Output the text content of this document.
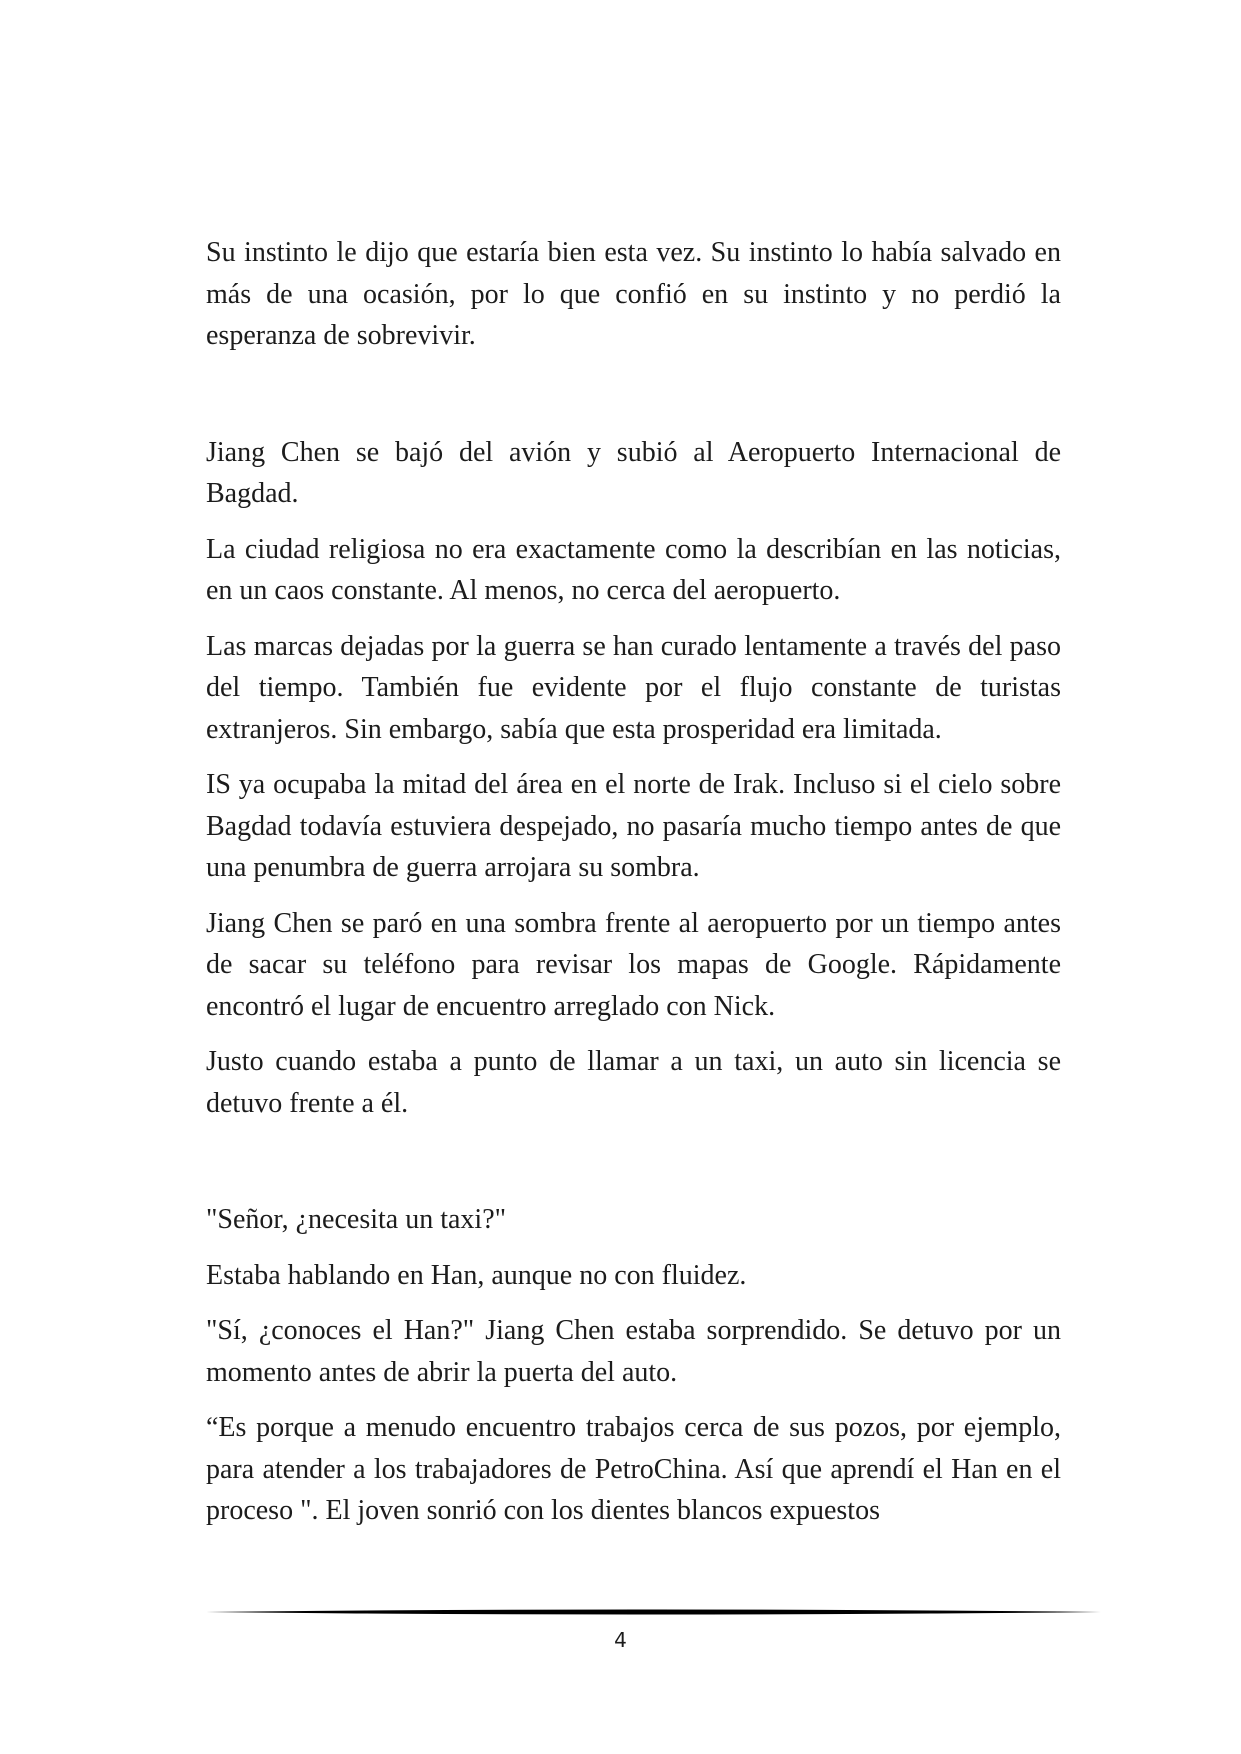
Su instinto le dijo que estaría bien esta vez. Su instinto lo había salvado en más de una ocasión, por lo que confió en su instinto y no perdió la esperanza de sobrevivir.

Jiang Chen se bajó del avión y subió al Aeropuerto Internacional de Bagdad.

La ciudad religiosa no era exactamente como la describían en las noticias, en un caos constante. Al menos, no cerca del aeropuerto.

Las marcas dejadas por la guerra se han curado lentamente a través del paso del tiempo. También fue evidente por el flujo constante de turistas extranjeros. Sin embargo, sabía que esta prosperidad era limitada.

IS ya ocupaba la mitad del área en el norte de Irak. Incluso si el cielo sobre Bagdad todavía estuviera despejado, no pasaría mucho tiempo antes de que una penumbra de guerra arrojara su sombra.

Jiang Chen se paró en una sombra frente al aeropuerto por un tiempo antes de sacar su teléfono para revisar los mapas de Google. Rápidamente encontró el lugar de encuentro arreglado con Nick.

Justo cuando estaba a punto de llamar a un taxi, un auto sin licencia se detuvo frente a él.

"Señor, ¿necesita un taxi?"

Estaba hablando en Han, aunque no con fluidez.

"Sí, ¿conoces el Han?" Jiang Chen estaba sorprendido. Se detuvo por un momento antes de abrir la puerta del auto.

“Es porque a menudo encuentro trabajos cerca de sus pozos, por ejemplo, para atender a los trabajadores de PetroChina. Así que aprendí el Han en el proceso ". El joven sonrió con los dientes blancos expuestos

4
